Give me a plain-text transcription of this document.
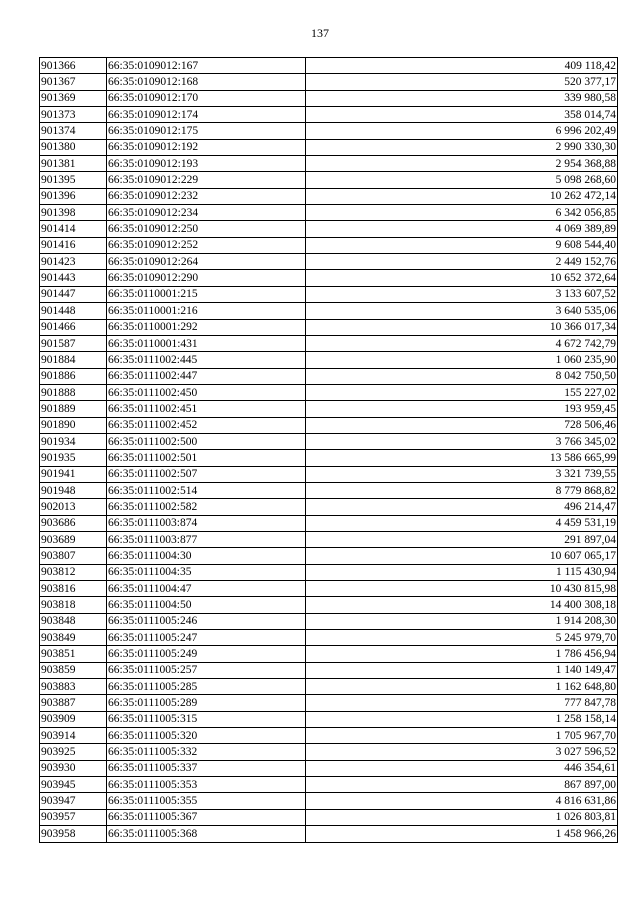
137
901366	66:35:0109012:167	409 118,42
901367	66:35:0109012:168	520 377,17
901369	66:35:0109012:170	339 980,58
901373	66:35:0109012:174	358 014,74
901374	66:35:0109012:175	6 996 202,49
901380	66:35:0109012:192	2 990 330,30
901381	66:35:0109012:193	2 954 368,88
901395	66:35:0109012:229	5 098 268,60
901396	66:35:0109012:232	10 262 472,14
901398	66:35:0109012:234	6 342 056,85
901414	66:35:0109012:250	4 069 389,89
901416	66:35:0109012:252	9 608 544,40
901423	66:35:0109012:264	2 449 152,76
901443	66:35:0109012:290	10 652 372,64
901447	66:35:0110001:215	3 133 607,52
901448	66:35:0110001:216	3 640 535,06
901466	66:35:0110001:292	10 366 017,34
901587	66:35:0110001:431	4 672 742,79
901884	66:35:0111002:445	1 060 235,90
901886	66:35:0111002:447	8 042 750,50
901888	66:35:0111002:450	155 227,02
901889	66:35:0111002:451	193 959,45
901890	66:35:0111002:452	728 506,46
901934	66:35:0111002:500	3 766 345,02
901935	66:35:0111002:501	13 586 665,99
901941	66:35:0111002:507	3 321 739,55
901948	66:35:0111002:514	8 779 868,82
902013	66:35:0111002:582	496 214,47
903686	66:35:0111003:874	4 459 531,19
903689	66:35:0111003:877	291 897,04
903807	66:35:0111004:30	10 607 065,17
903812	66:35:0111004:35	1 115 430,94
903816	66:35:0111004:47	10 430 815,98
903818	66:35:0111004:50	14 400 308,18
903848	66:35:0111005:246	1 914 208,30
903849	66:35:0111005:247	5 245 979,70
903851	66:35:0111005:249	1 786 456,94
903859	66:35:0111005:257	1 140 149,47
903883	66:35:0111005:285	1 162 648,80
903887	66:35:0111005:289	777 847,78
903909	66:35:0111005:315	1 258 158,14
903914	66:35:0111005:320	1 705 967,70
903925	66:35:0111005:332	3 027 596,52
903930	66:35:0111005:337	446 354,61
903945	66:35:0111005:353	867 897,00
903947	66:35:0111005:355	4 816 631,86
903957	66:35:0111005:367	1 026 803,81
903958	66:35:0111005:368	1 458 966,26
